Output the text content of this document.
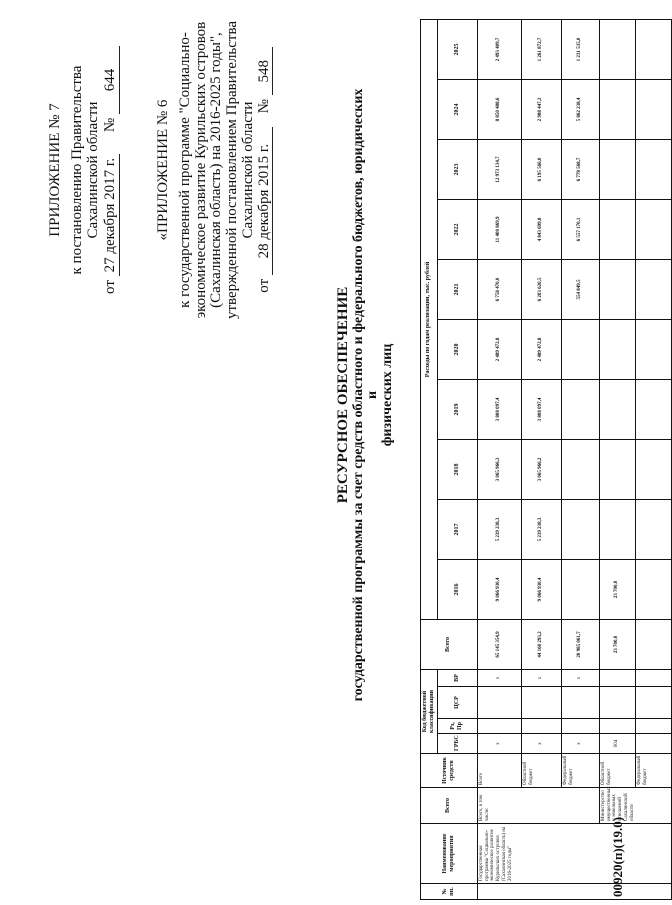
ПРИЛОЖЕНИЕ № 7 к постановлению Правительства Сахалинской области
от 27 декабря 2017 г. № 644
«ПРИЛОЖЕНИЕ № 6 к государственной программе "Социально- экономическое развитие Курильских островов (Сахалинская область) на 2016-2025 годы", утвержденной постановлением Правительства Сахалинской области
от 28 декабря 2015 г. № 548
РЕСУРСНОЕ ОБЕСПЕЧЕНИЕ государственной программы за счет средств областного и федерального бюджетов, юридических и физических лиц
№ пп.	Наименование мероприятия	Всего	Источник средств	Код бюджетной классификации				Всего	Расходы по годам реализации, тыс. рублей									
				ГРБС	Рз, Пр	ЦСР	ВР		2016	2017	2018	2019	2020	2021	2022	2023	2024	2025
	Государственная программа "Социально-экономическое развитие Курильских островов (Сахалинская область) на 2016-2025 годы"	Всего, в том числе:	Всего	х			х	65 145 354,9	9 066 930,4	5 239 238,3	3 065 966,3	3 808 097,4	2 489 472,8	6 758 470,0	11 400 869,9	12 973 134,7	8 850 488,6	2 493 409,7
			Областной бюджет	х			х	44 160 293,2	9 066 930,4	5 239 238,3	3 065 966,2	3 808 097,4	2 489 472,8	6 203 620,5	4 843 699,8	6 195 566,0	2 988 447,2	1 261 872,7
			Федеральный бюджет	х			х	20 985 061,7						554 849,5	6 557 170,1	6 778 568,7	5 862 238,4	1 231 535,0
		Министерство имущественных и земельных отношений Сахалинской области	Областной бюджет	004				23 700,0	23 700,0									
			Федеральный бюджет															
00920(п)(19.0)
